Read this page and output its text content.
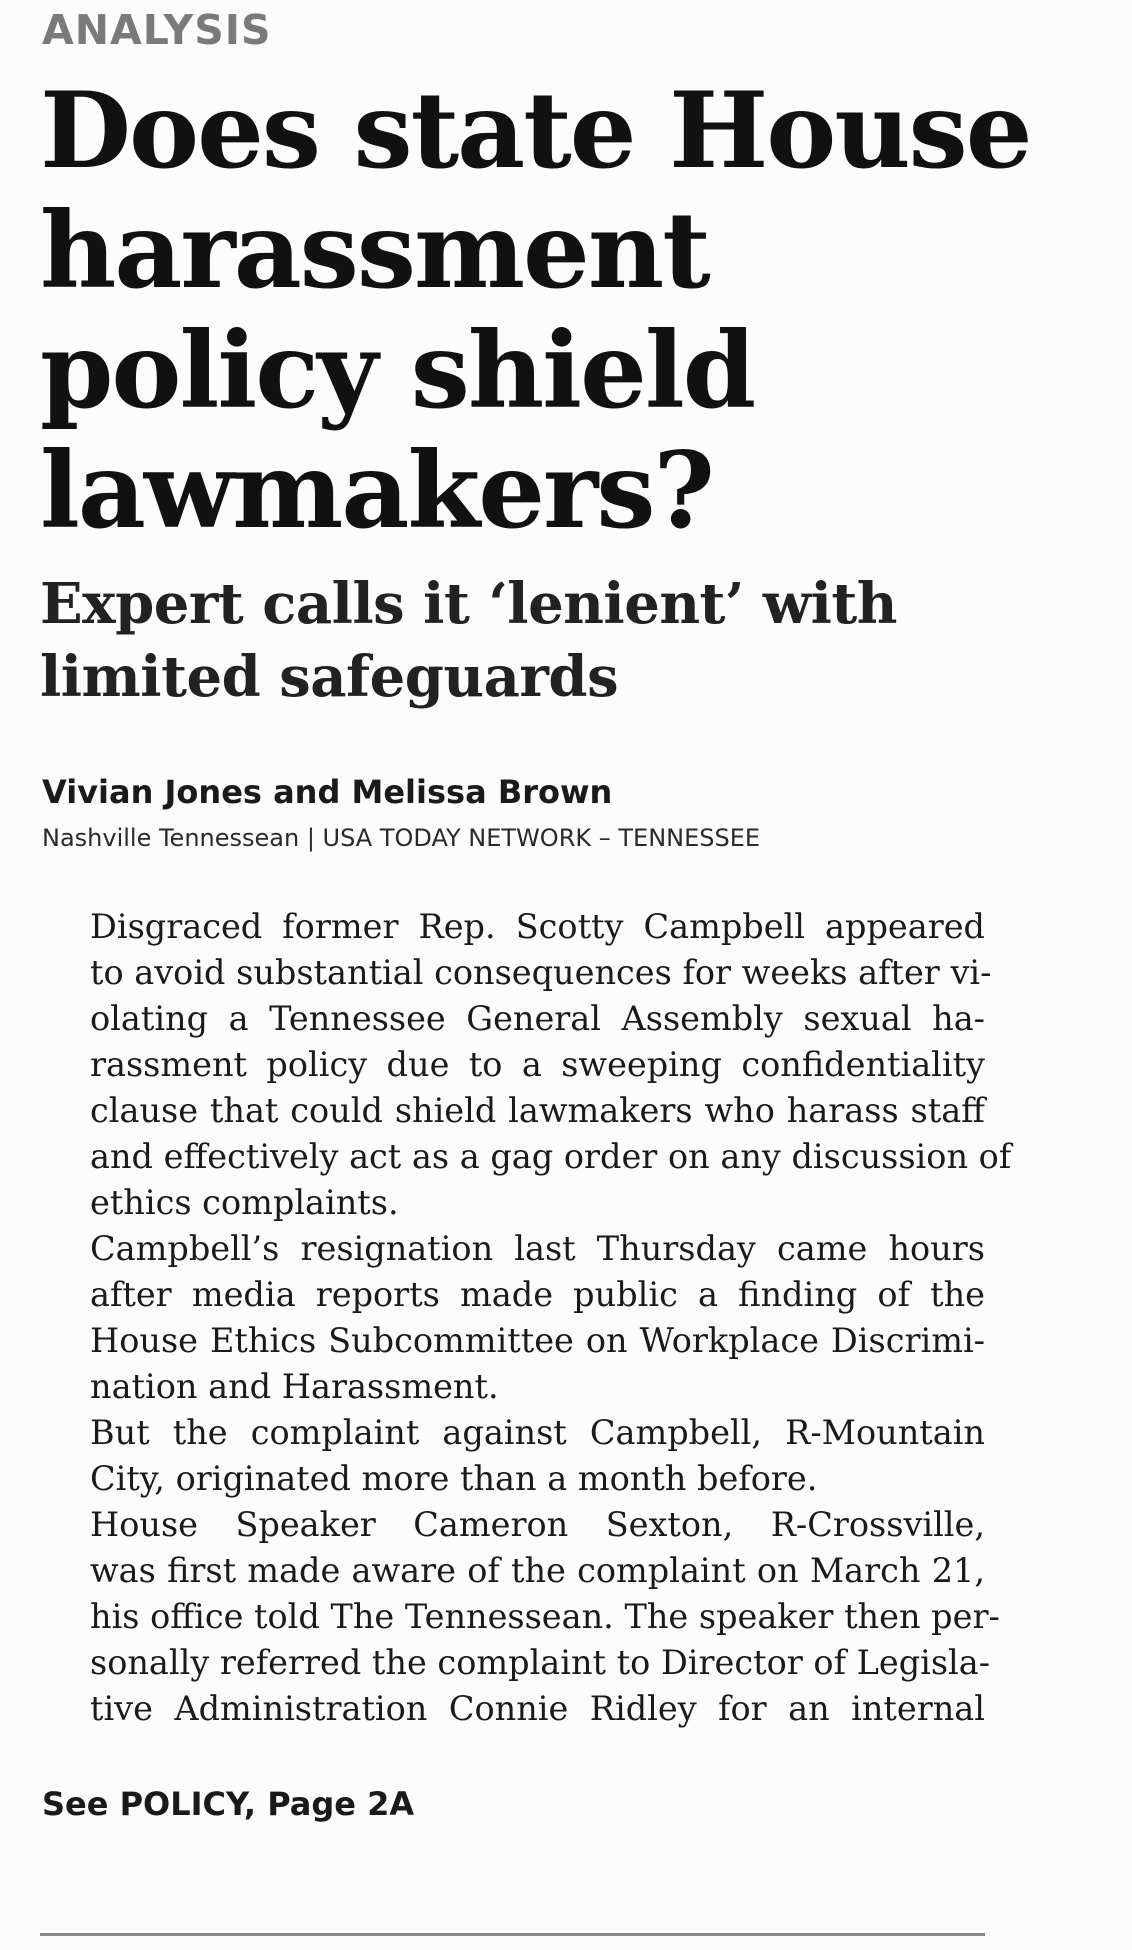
ANALYSIS
Does state House
harassment
policy shield
lawmakers?
Expert calls it ‘lenient’ with
limited safeguards
Vivian Jones and Melissa Brown
Nashville Tennessean | USA TODAY NETWORK – TENNESSEE

Disgraced former Rep. Scotty Campbell appeared
to avoid substantial consequences for weeks after vi-
olating a Tennessee General Assembly sexual ha-
rassment policy due to a sweeping confidentiality
clause that could shield lawmakers who harass staff
and effectively act as a gag order on any discussion of
ethics complaints.

Campbell’s resignation last Thursday came hours
after media reports made public a finding of the
House Ethics Subcommittee on Workplace Discrimi-
nation and Harassment.

But the complaint against Campbell, R-Mountain
City, originated more than a month before.

House Speaker Cameron Sexton, R-Crossville,
was first made aware of the complaint on March 21,
his office told The Tennessean. The speaker then per-
sonally referred the complaint to Director of Legisla-
tive Administration Connie Ridley for an internal

See POLICY, Page 2A
